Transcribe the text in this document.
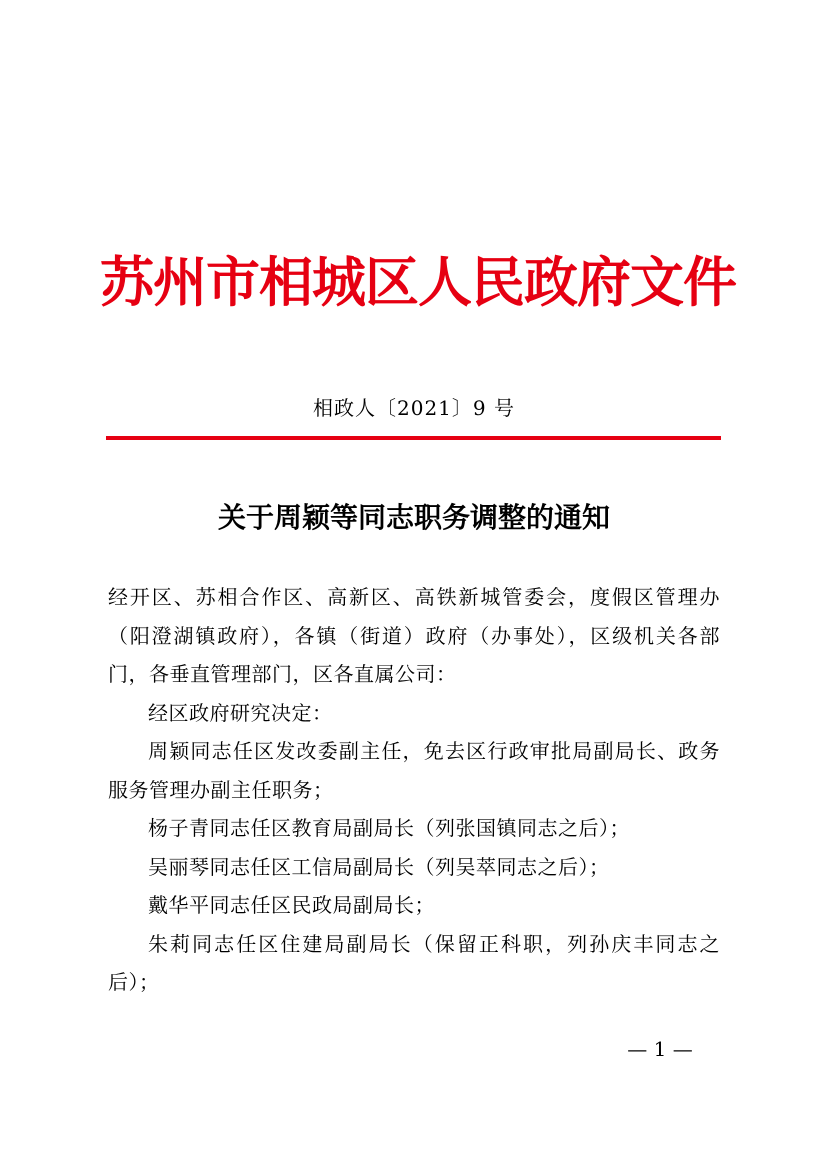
苏州市相城区人民政府文件
相政人〔2021〕9 号
关于周颖等同志职务调整的通知

经开区、苏相合作区、高新区、高铁新城管委会，度假区管理办（阳澄湖镇政府），各镇（街道）政府（办事处），区级机关各部门，各垂直管理部门，区各直属公司：

经区政府研究决定：

周颖同志任区发改委副主任，免去区行政审批局副局长、政务服务管理办副主任职务；

杨子青同志任区教育局副局长（列张国镇同志之后）；

吴丽琴同志任区工信局副局长（列吴萃同志之后）；

戴华平同志任区民政局副局长；

朱莉同志任区住建局副局长（保留正科职，列孙庆丰同志之后）；

— 1 —
